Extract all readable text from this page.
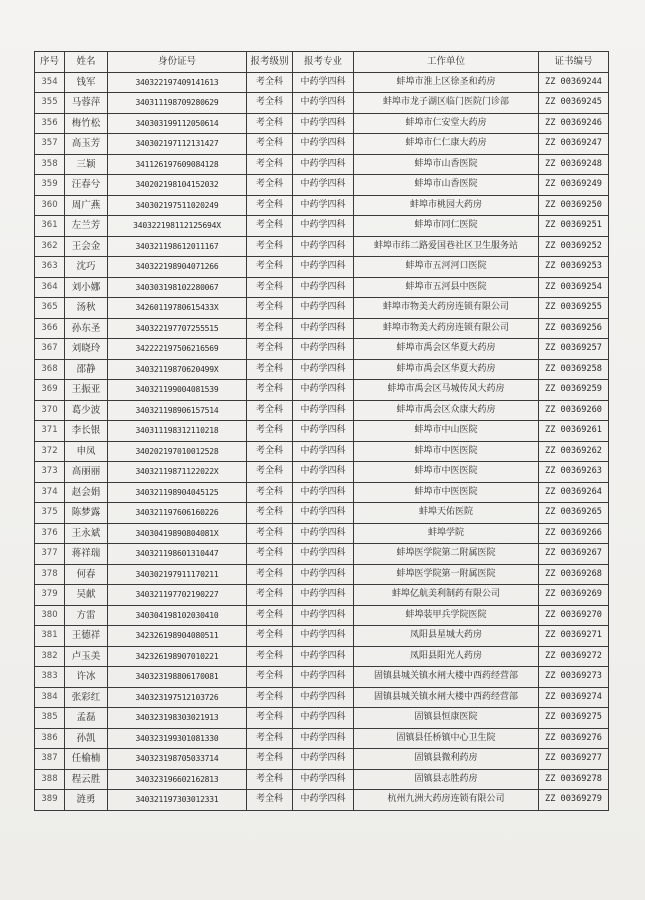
序号	姓名	身份证号	报考级别	报考专业	工作单位	证书编号
354	钱军	340322197409141613	考全科	中药学四科	蚌埠市淮上区徐圣和药房	ZZ 00369244
355	马蓉萍	340311198709280629	考全科	中药学四科	蚌埠市龙子湖区临门医院门诊部	ZZ 00369245
356	梅竹松	340303199112050614	考全科	中药学四科	蚌埠市仁安堂大药房	ZZ 00369246
357	高玉芳	340302197112131427	考全科	中药学四科	蚌埠市仁仁康大药房	ZZ 00369247
358	三颖	341126197609084128	考全科	中药学四科	蚌埠市山香医院	ZZ 00369248
359	汪春兮	340202198104152032	考全科	中药学四科	蚌埠市山香医院	ZZ 00369249
360	周广燕	340302197511020249	考全科	中药学四科	蚌埠市桃园大药房	ZZ 00369250
361	左兰芳	340322198112125694X	考全科	中药学四科	蚌埠市同仁医院	ZZ 00369251
362	王会金	340321198612011167	考全科	中药学四科	蚌埠市纬二路爱国巷社区卫生服务站	ZZ 00369252
363	沈巧	340322198904071266	考全科	中药学四科	蚌埠市五河河口医院	ZZ 00369253
364	刘小娜	340303198102280067	考全科	中药学四科	蚌埠市五河县中医院	ZZ 00369254
365	汤秋	34260119780615433X	考全科	中药学四科	蚌埠市物美大药房连锁有限公司	ZZ 00369255
366	孙东圣	340322197707255515	考全科	中药学四科	蚌埠市物美大药房连锁有限公司	ZZ 00369256
367	刘晓玲	342222197506216569	考全科	中药学四科	蚌埠市禹会区华夏大药房	ZZ 00369257
368	邵静	34032119870620499X	考全科	中药学四科	蚌埠市禹会区华夏大药房	ZZ 00369258
369	王振亚	340321199004081539	考全科	中药学四科	蚌埠市禹会区马城传风大药房	ZZ 00369259
370	葛少波	340321198906157514	考全科	中药学四科	蚌埠市禹会区众康大药房	ZZ 00369260
371	李长银	340311198312110218	考全科	中药学四科	蚌埠市中山医院	ZZ 00369261
372	申凤	340202197010012528	考全科	中药学四科	蚌埠市中医医院	ZZ 00369262
373	高丽丽	34032119871122022X	考全科	中药学四科	蚌埠市中医医院	ZZ 00369263
374	赵会娟	340321198904045125	考全科	中药学四科	蚌埠市中医医院	ZZ 00369264
375	陈梦露	340321197606160226	考全科	中药学四科	蚌埠天佑医院	ZZ 00369265
376	王永斌	34030419890804081X	考全科	中药学四科	蚌埠学院	ZZ 00369266
377	蒋祥瑞	340321198601310447	考全科	中药学四科	蚌埠医学院第二附属医院	ZZ 00369267
378	何春	340302197911170211	考全科	中药学四科	蚌埠医学院第一附属医院	ZZ 00369268
379	吴献	340321197702190227	考全科	中药学四科	蚌埠亿航美利制药有限公司	ZZ 00369269
380	方雷	340304198102030410	考全科	中药学四科	蚌埠装甲兵学院医院	ZZ 00369270
381	王德祥	342326198904080511	考全科	中药学四科	凤阳县星城大药房	ZZ 00369271
382	卢玉美	342326198907010221	考全科	中药学四科	凤阳县阳光人药房	ZZ 00369272
383	许冰	340323198806170081	考全科	中药学四科	固镇县城关镇水闸大楼中西药经营部	ZZ 00369273
384	张彩红	340323197512103726	考全科	中药学四科	固镇县城关镇水闸大楼中西药经营部	ZZ 00369274
385	孟磊	340323198303021913	考全科	中药学四科	固镇县恒康医院	ZZ 00369275
386	孙凯	340323199301081330	考全科	中药学四科	固镇县任桥镇中心卫生院	ZZ 00369276
387	任榆楠	340323198705033714	考全科	中药学四科	固镇县微利药房	ZZ 00369277
388	程云胜	340323196602162813	考全科	中药学四科	固镇县志胜药房	ZZ 00369278
389	涟勇	340321197303012331	考全科	中药学四科	杭州九洲大药房连锁有限公司	ZZ 00369279
